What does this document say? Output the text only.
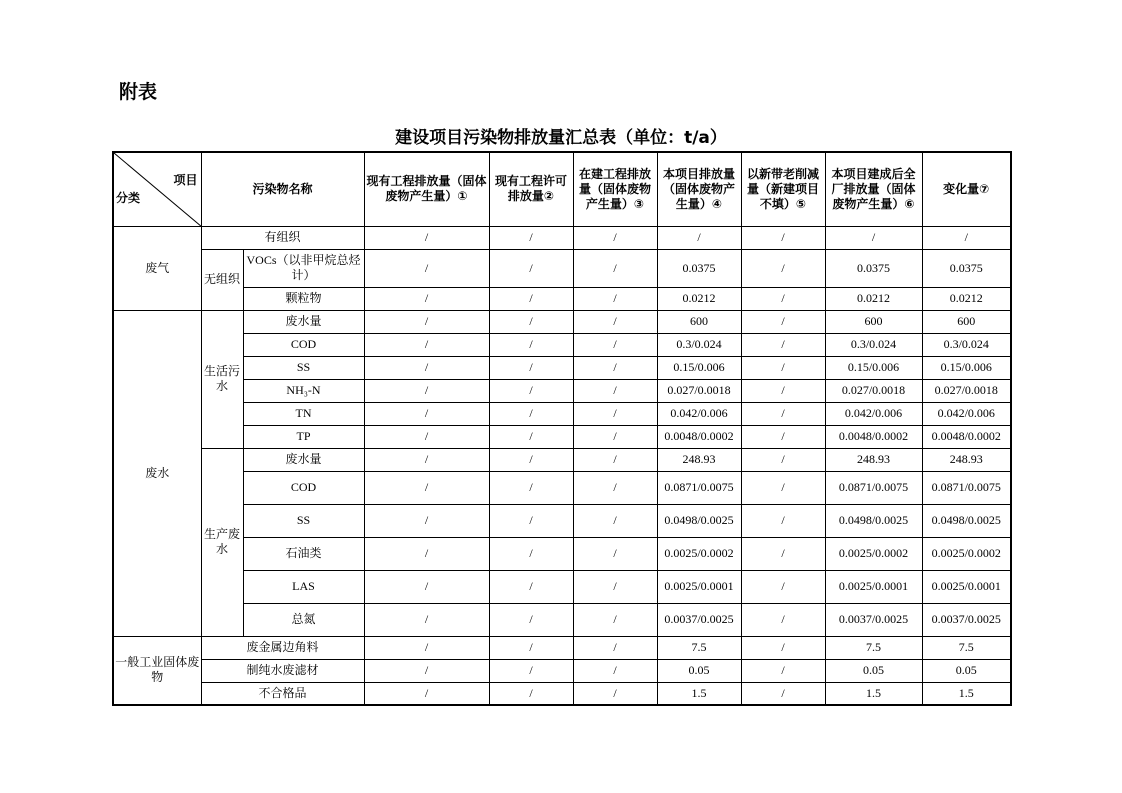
附表
建设项目污染物排放量汇总表（单位：t/a）
项目
分类	污染物名称		现有工程排放量（固体废物产生量）①	现有工程许可排放量②	在建工程排放量（固体废物产生量）③	本项目排放量（固体废物产生量）④	以新带老削减量（新建项目不填）⑤	本项目建成后全厂排放量（固体废物产生量）⑥	变化量⑦
废气	有组织		/	/	/	/	/	/	/
	无组织	VOCs（以非甲烷总烃计）	/	/	/	0.0375	/	0.0375	0.0375
		颗粒物	/	/	/	0.0212	/	0.0212	0.0212
废水	生活污水	废水量	/	/	/	600	/	600	600
		COD	/	/	/	0.3/0.024	/	0.3/0.024	0.3/0.024
		SS	/	/	/	0.15/0.006	/	0.15/0.006	0.15/0.006
		NH₃-N	/	/	/	0.027/0.0018	/	0.027/0.0018	0.027/0.0018
		TN	/	/	/	0.042/0.006	/	0.042/0.006	0.042/0.006
		TP	/	/	/	0.0048/0.0002	/	0.0048/0.0002	0.0048/0.0002
	生产废水	废水量	/	/	/	248.93	/	248.93	248.93
		COD	/	/	/	0.0871/0.0075	/	0.0871/0.0075	0.0871/0.0075
		SS	/	/	/	0.0498/0.0025	/	0.0498/0.0025	0.0498/0.0025
		石油类	/	/	/	0.0025/0.0002	/	0.0025/0.0002	0.0025/0.0002
		LAS	/	/	/	0.0025/0.0001	/	0.0025/0.0001	0.0025/0.0001
		总氮	/	/	/	0.0037/0.0025	/	0.0037/0.0025	0.0037/0.0025
一般工业固体废物	废金属边角料		/	/	/	7.5	/	7.5	7.5
	制纯水废滤材		/	/	/	0.05	/	0.05	0.05
	不合格品		/	/	/	1.5	/	1.5	1.5
